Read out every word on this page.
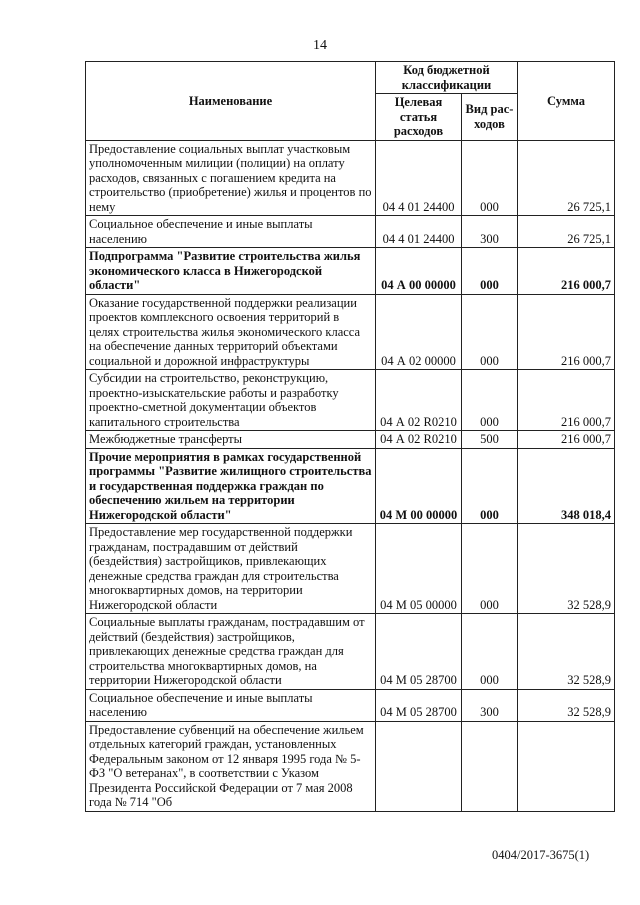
14
Наименование	Код бюджетной классификации		Сумма
	Целевая статья расходов	Вид рас-ходов	
Предоставление социальных выплат участковым уполномоченным милиции (полиции) на оплату расходов, связанных с погашением кредита на строительство (приобретение) жилья и процентов по нему	04 4 01 24400	000	26 725,1
Социальное обеспечение и иные выплаты населению	04 4 01 24400	300	26 725,1
Подпрограмма "Развитие строительства жилья экономического класса в Нижегородской области"	04 А 00 00000	000	216 000,7
Оказание государственной поддержки реализации проектов комплексного освоения территорий в целях строительства жилья экономического класса на обеспечение данных территорий объектами социальной и дорожной инфраструктуры	04 А 02 00000	000	216 000,7
Субсидии на строительство, реконструкцию, проектно-изыскательские работы и разработку проектно-сметной документации объектов капитального строительства	04 А 02 R0210	000	216 000,7
Межбюджетные трансферты	04 А 02 R0210	500	216 000,7
Прочие мероприятия в рамках государственной программы "Развитие жилищного строительства и государственная поддержка граждан по обеспечению жильем на территории Нижегородской области"	04 М 00 00000	000	348 018,4
Предоставление мер государственной поддержки гражданам, пострадавшим от действий (бездействия) застройщиков, привлекающих денежные средства граждан для строительства многоквартирных домов, на территории Нижегородской области	04 М 05 00000	000	32 528,9
Социальные выплаты гражданам, пострадавшим от действий (бездействия) застройщиков, привлекающих денежные средства граждан для строительства многоквартирных домов, на территории Нижегородской области	04 М 05 28700	000	32 528,9
Социальное обеспечение и иные выплаты населению	04 М 05 28700	300	32 528,9
Предоставление субвенций на обеспечение жильем отдельных категорий граждан, установленных Федеральным законом от 12 января 1995 года № 5-ФЗ "О ветеранах", в соответствии с Указом Президента Российской Федерации от 7 мая 2008 года № 714 "Об			
0404/2017-3675(1)
